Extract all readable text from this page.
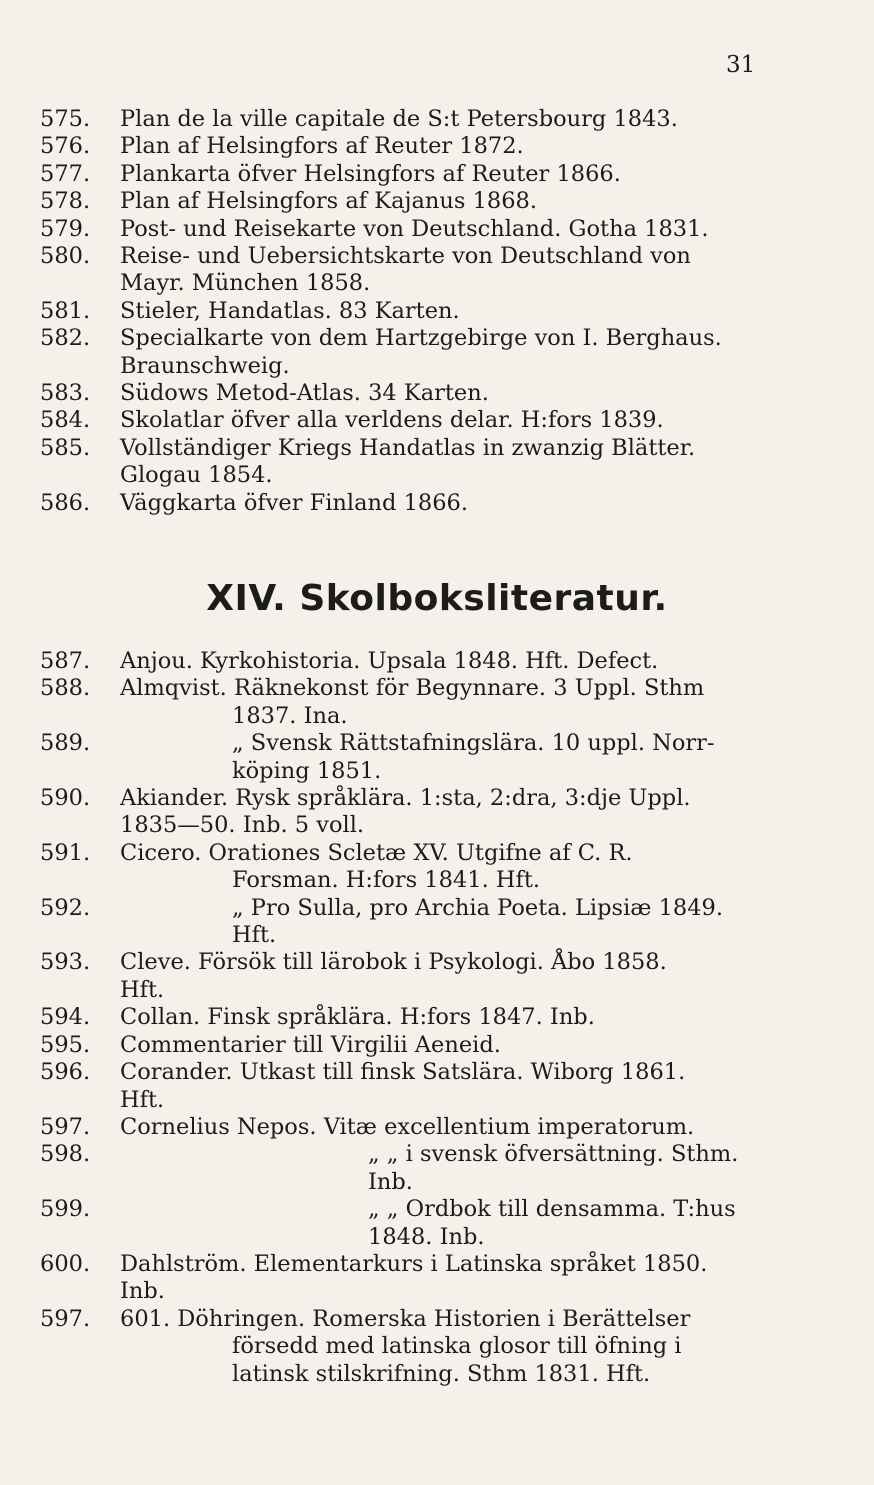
31
575.	Plan de la ville capitale de S:t Petersbourg 1843.
576.	Plan af Helsingfors af Reuter 1872.
577.	Plankarta öfver Helsingfors af Reuter 1866.
578.	Plan af Helsingfors af Kajanus 1868.
579.	Post- und Reisekarte von Deutschland. Gotha 1831.
580.	Reise- und Uebersichtskarte von Deutschland von
Mayr. München 1858.
581.	Stieler, Handatlas. 83 Karten.
582.	Specialkarte von dem Hartzgebirge von I. Berghaus.
Braunschweig.
583.	Südows Metod-Atlas. 34 Karten.
584.	Skolatlar öfver alla verldens delar. H:fors 1839.
585.	Vollständiger Kriegs Handatlas in zwanzig Blätter.
Glogau 1854.
586.	Väggkarta öfver Finland 1866.
XIV. Skolboksliteratur.
587.	Anjou. Kyrkohistoria. Upsala 1848. Hft. Defect.
588.	Almqvist. Räknekonst för Begynnare. 3 Uppl. Sthm
1837. Ina.
589.	„ Svensk Rättstafningslära. 10 uppl. Norr-
köping 1851.
590.	Akiander. Rysk språklära. 1:sta, 2:dra, 3:dje Uppl.
1835—50. Inb. 5 voll.
591.	Cicero. Orationes Scletæ XV. Utgifne af C. R.
Forsman. H:fors 1841. Hft.
592.	„ Pro Sulla, pro Archia Poeta. Lipsiæ 1849.
Hft.
593.	Cleve. Försök till lärobok i Psykologi. Åbo 1858.
Hft.
594.	Collan. Finsk språklära. H:fors 1847. Inb.
595.	Commentarier till Virgilii Aeneid.
596.	Corander. Utkast till finsk Satslära. Wiborg 1861.
Hft.
597.	Cornelius Nepos. Vitæ excellentium imperatorum.
598.	„ „ i svensk öfversättning. Sthm. Inb.
599.	„ „ Ordbok till densamma. T:hus
1848. Inb.
600.	Dahlström. Elementarkurs i Latinska språket 1850.
Inb.
597.	601. Döhringen. Romerska Historien i Berättelser
försedd med latinska glosor till öfning i
latinsk stilskrifning. Sthm 1831. Hft.
